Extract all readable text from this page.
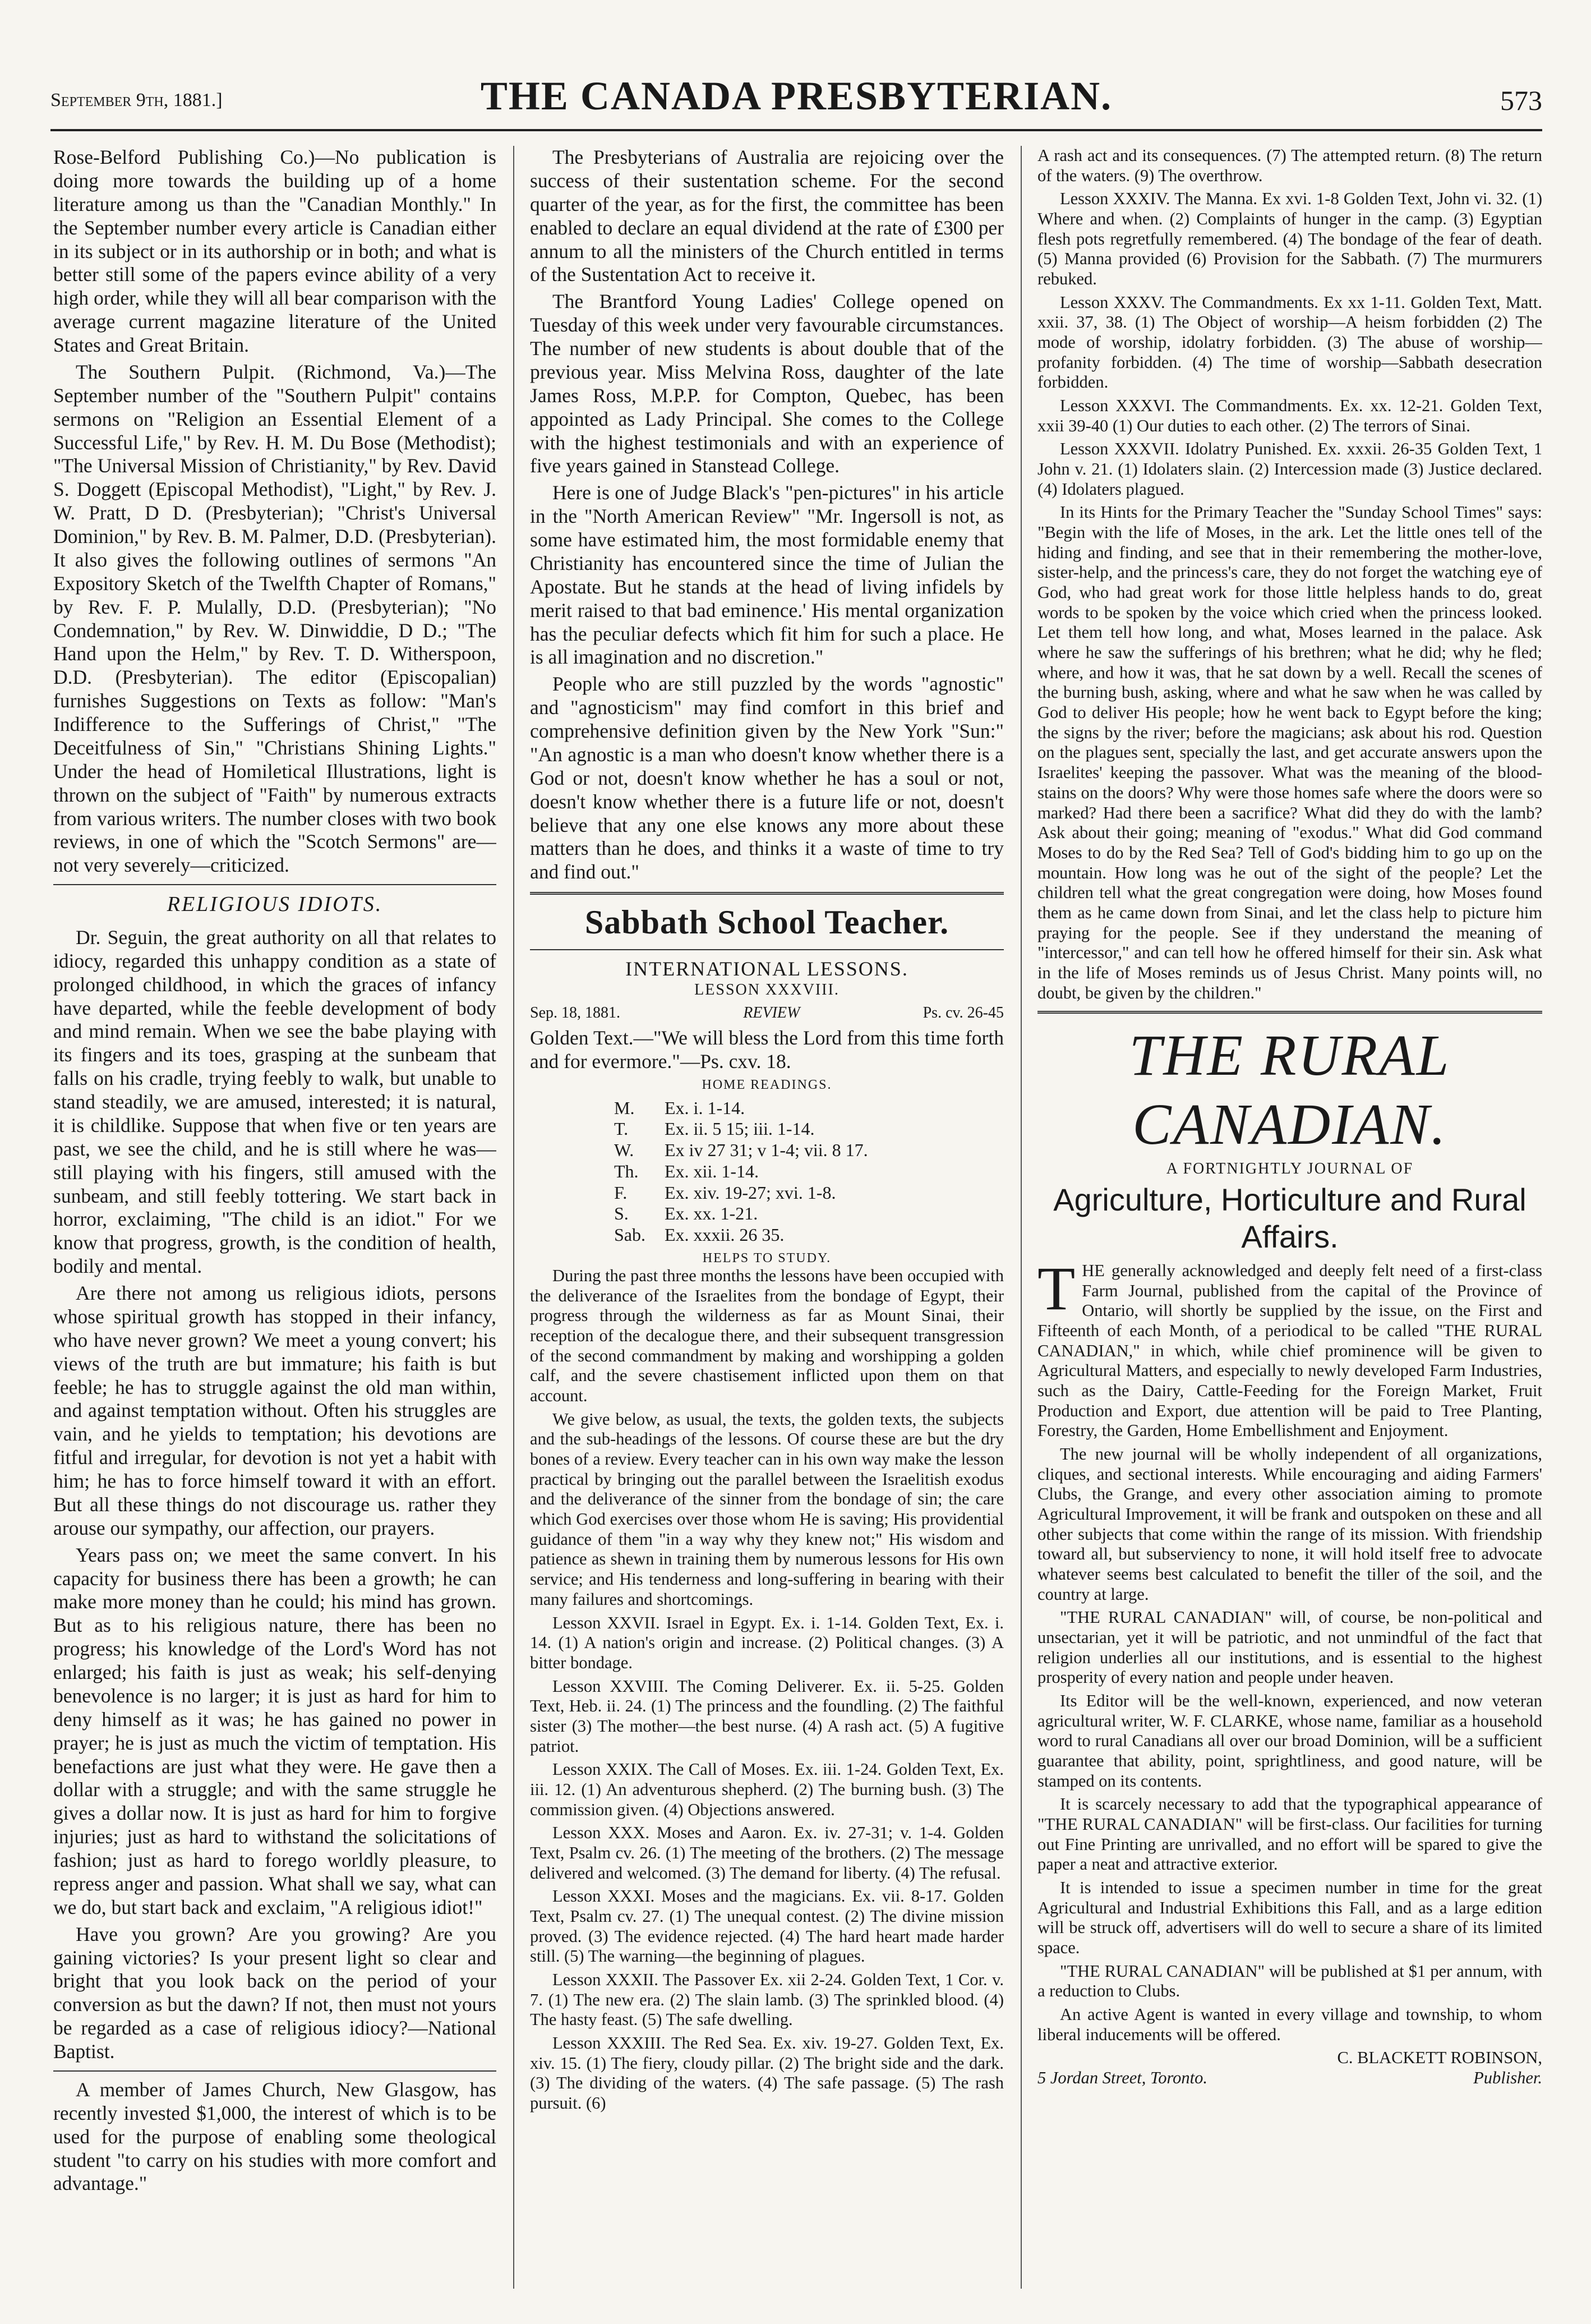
September 9th, 1881.]	THE CANADA PRESBYTERIAN.	573

Rose-Belford Publishing Co.)—No publication is doing more towards the building up of a home literature among us than the "Canadian Monthly." In the September number every article is Canadian either in its subject or in its authorship or in both; and what is better still some of the papers evince ability of a very high order, while they will all bear comparison with the average current magazine literature of the United States and Great Britain.

The Southern Pulpit. (Richmond, Va.)—The September number of the "Southern Pulpit" contains sermons on "Religion an Essential Element of a Successful Life," by Rev. H. M. Du Bose (Methodist); "The Universal Mission of Christianity," by Rev. David S. Doggett (Episcopal Methodist), "Light," by Rev. J. W. Pratt, D D. (Presbyterian); "Christ's Universal Dominion," by Rev. B. M. Palmer, D.D. (Presbyterian). It also gives the following outlines of sermons "An Expository Sketch of the Twelfth Chapter of Romans," by Rev. F. P. Mulally, D.D. (Presbyterian); "No Condemnation," by Rev. W. Dinwiddie, D D.; "The Hand upon the Helm," by Rev. T. D. Witherspoon, D.D. (Presbyterian). The editor (Episcopalian) furnishes Suggestions on Texts as follow: "Man's Indifference to the Sufferings of Christ," "The Deceitfulness of Sin," "Christians Shining Lights." Under the head of Homiletical Illustrations, light is thrown on the subject of "Faith" by numerous extracts from various writers. The number closes with two book reviews, in one of which the "Scotch Sermons" are—not very severely—criticized.

RELIGIOUS IDIOTS.

Dr. Seguin, the great authority on all that relates to idiocy, regarded this unhappy condition as a state of prolonged childhood, in which the graces of infancy have departed, while the feeble development of body and mind remain. When we see the babe playing with its fingers and its toes, grasping at the sunbeam that falls on his cradle, trying feebly to walk, but unable to stand steadily, we are amused, interested; it is natural, it is childlike. Suppose that when five or ten years are past, we see the child, and he is still where he was—still playing with his fingers, still amused with the sunbeam, and still feebly tottering. We start back in horror, exclaiming, "The child is an idiot." For we know that progress, growth, is the condition of health, bodily and mental.

Are there not among us religious idiots, persons whose spiritual growth has stopped in their infancy, who have never grown? We meet a young convert; his views of the truth are but immature; his faith is but feeble; he has to struggle against the old man within, and against temptation without. Often his struggles are vain, and he yields to temptation; his devotions are fitful and irregular, for devotion is not yet a habit with him; he has to force himself toward it with an effort. But all these things do not discourage us. rather they arouse our sympathy, our affection, our prayers.

Years pass on; we meet the same convert. In his capacity for business there has been a growth; he can make more money than he could; his mind has grown. But as to his religious nature, there has been no progress; his knowledge of the Lord's Word has not enlarged; his faith is just as weak; his self-denying benevolence is no larger; it is just as hard for him to deny himself as it was; he has gained no power in prayer; he is just as much the victim of temptation. His benefactions are just what they were. He gave then a dollar with a struggle; and with the same struggle he gives a dollar now. It is just as hard for him to forgive injuries; just as hard to withstand the solicitations of fashion; just as hard to forego worldly pleasure, to repress anger and passion. What shall we say, what can we do, but start back and exclaim, "A religious idiot!"

Have you grown? Are you growing? Are you gaining victories? Is your present light so clear and bright that you look back on the period of your conversion as but the dawn? If not, then must not yours be regarded as a case of religious idiocy?—National Baptist.

A member of James Church, New Glasgow, has recently invested $1,000, the interest of which is to be used for the purpose of enabling some theological student "to carry on his studies with more comfort and advantage."

The Presbyterians of Australia are rejoicing over the success of their sustentation scheme. For the second quarter of the year, as for the first, the committee has been enabled to declare an equal dividend at the rate of £300 per annum to all the ministers of the Church entitled in terms of the Sustentation Act to receive it.

The Brantford Young Ladies' College opened on Tuesday of this week under very favourable circumstances. The number of new students is about double that of the previous year. Miss Melvina Ross, daughter of the late James Ross, M.P.P. for Compton, Quebec, has been appointed as Lady Principal. She comes to the College with the highest testimonials and with an experience of five years gained in Stanstead College.

Here is one of Judge Black's "pen-pictures" in his article in the "North American Review" "Mr. Ingersoll is not, as some have estimated him, the most formidable enemy that Christianity has encountered since the time of Julian the Apostate. But he stands at the head of living infidels by merit raised to that bad eminence.' His mental organization has the peculiar defects which fit him for such a place. He is all imagination and no discretion."

People who are still puzzled by the words "agnostic" and "agnosticism" may find comfort in this brief and comprehensive definition given by the New York "Sun:" "An agnostic is a man who doesn't know whether there is a God or not, doesn't know whether he has a soul or not, doesn't know whether there is a future life or not, doesn't believe that any one else knows any more about these matters than he does, and thinks it a waste of time to try and find out."

Sabbath School Teacher.
INTERNATIONAL LESSONS.
LESSON XXXVIII.
Sep. 18, 1881.	REVIEW	Ps. cv. 26-45

Golden Text.—"We will bless the Lord from this time forth and for evermore."—Ps. cxv. 18.

HOME READINGS.
M.	Ex. i. 1-14.
T.	Ex. ii. 5 15; iii. 1-14.
W.	Ex iv 27 31; v 1-4; vii. 8 17.
Th.	Ex. xii. 1-14.
F.	Ex. xiv. 19-27; xvi. 1-8.
S.	Ex. xx. 1-21.
Sab.	Ex. xxxii. 26 35.
HELPS TO STUDY.

During the past three months the lessons have been occupied with the deliverance of the Israelites from the bondage of Egypt, their progress through the wilderness as far as Mount Sinai, their reception of the decalogue there, and their subsequent transgression of the second commandment by making and worshipping a golden calf, and the severe chastisement inflicted upon them on that account.

We give below, as usual, the texts, the golden texts, the subjects and the sub-headings of the lessons. Of course these are but the dry bones of a review. Every teacher can in his own way make the lesson practical by bringing out the parallel between the Israelitish exodus and the deliverance of the sinner from the bondage of sin; the care which God exercises over those whom He is saving; His providential guidance of them "in a way why they knew not;" His wisdom and patience as shewn in training them by numerous lessons for His own service; and His tenderness and long-suffering in bearing with their many failures and shortcomings.

Lesson XXVII. Israel in Egypt. Ex. i. 1-14. Golden Text, Ex. i. 14. (1) A nation's origin and increase. (2) Political changes. (3) A bitter bondage.

Lesson XXVIII. The Coming Deliverer. Ex. ii. 5-25. Golden Text, Heb. ii. 24. (1) The princess and the foundling. (2) The faithful sister (3) The mother—the best nurse. (4) A rash act. (5) A fugitive patriot.

Lesson XXIX. The Call of Moses. Ex. iii. 1-24. Golden Text, Ex. iii. 12. (1) An adventurous shepherd. (2) The burning bush. (3) The commission given. (4) Objections answered.

Lesson XXX. Moses and Aaron. Ex. iv. 27-31; v. 1-4. Golden Text, Psalm cv. 26. (1) The meeting of the brothers. (2) The message delivered and welcomed. (3) The demand for liberty. (4) The refusal.

Lesson XXXI. Moses and the magicians. Ex. vii. 8-17. Golden Text, Psalm cv. 27. (1) The unequal contest. (2) The divine mission proved. (3) The evidence rejected. (4) The hard heart made harder still. (5) The warning—the beginning of plagues.

Lesson XXXII. The Passover Ex. xii 2-24. Golden Text, 1 Cor. v. 7. (1) The new era. (2) The slain lamb. (3) The sprinkled blood. (4) The hasty feast. (5) The safe dwelling.

Lesson XXXIII. The Red Sea. Ex. xiv. 19-27. Golden Text, Ex. xiv. 15. (1) The fiery, cloudy pillar. (2) The bright side and the dark. (3) The dividing of the waters. (4) The safe passage. (5) The rash pursuit. (6)

A rash act and its consequences. (7) The attempted return. (8) The return of the waters. (9) The overthrow.

Lesson XXXIV. The Manna. Ex xvi. 1-8 Golden Text, John vi. 32. (1) Where and when. (2) Complaints of hunger in the camp. (3) Egyptian flesh pots regretfully remembered. (4) The bondage of the fear of death. (5) Manna provided (6) Provision for the Sabbath. (7) The murmurers rebuked.

Lesson XXXV. The Commandments. Ex xx 1-11. Golden Text, Matt. xxii. 37, 38. (1) The Object of worship—A heism forbidden (2) The mode of worship, idolatry forbidden. (3) The abuse of worship—profanity forbidden. (4) The time of worship—Sabbath desecration forbidden.

Lesson XXXVI. The Commandments. Ex. xx. 12-21. Golden Text, xxii 39-40 (1) Our duties to each other. (2) The terrors of Sinai.

Lesson XXXVII. Idolatry Punished. Ex. xxxii. 26-35 Golden Text, 1 John v. 21. (1) Idolaters slain. (2) Intercession made (3) Justice declared. (4) Idolaters plagued.

In its Hints for the Primary Teacher the "Sunday School Times" says: "Begin with the life of Moses, in the ark. Let the little ones tell of the hiding and finding, and see that in their remembering the mother-love, sister-help, and the princess's care, they do not forget the watching eye of God, who had great work for those little helpless hands to do, great words to be spoken by the voice which cried when the princess looked. Let them tell how long, and what, Moses learned in the palace. Ask where he saw the sufferings of his brethren; what he did; why he fled; where, and how it was, that he sat down by a well. Recall the scenes of the burning bush, asking, where and what he saw when he was called by God to deliver His people; how he went back to Egypt before the king; the signs by the river; before the magicians; ask about his rod. Question on the plagues sent, specially the last, and get accurate answers upon the Israelites' keeping the passover. What was the meaning of the blood-stains on the doors? Why were those homes safe where the doors were so marked? Had there been a sacrifice? What did they do with the lamb? Ask about their going; meaning of "exodus." What did God command Moses to do by the Red Sea? Tell of God's bidding him to go up on the mountain. How long was he out of the sight of the people? Let the children tell what the great congregation were doing, how Moses found them as he came down from Sinai, and let the class help to picture him praying for the people. See if they understand the meaning of "intercessor," and can tell how he offered himself for their sin. Ask what in the life of Moses reminds us of Jesus Christ. Many points will, no doubt, be given by the children."

THE RURAL CANADIAN.
A FORTNIGHTLY JOURNAL OF
Agriculture, Horticulture and Rural Affairs.

THE generally acknowledged and deeply felt need of a first-class Farm Journal, published from the capital of the Province of Ontario, will shortly be supplied by the issue, on the First and Fifteenth of each Month, of a periodical to be called "THE RURAL CANADIAN," in which, while chief prominence will be given to Agricultural Matters, and especially to newly developed Farm Industries, such as the Dairy, Cattle-Feeding for the Foreign Market, Fruit Production and Export, due attention will be paid to Tree Planting, Forestry, the Garden, Home Embellishment and Enjoyment.

The new journal will be wholly independent of all organizations, cliques, and sectional interests. While encouraging and aiding Farmers' Clubs, the Grange, and every other association aiming to promote Agricultural Improvement, it will be frank and outspoken on these and all other subjects that come within the range of its mission. With friendship toward all, but subserviency to none, it will hold itself free to advocate whatever seems best calculated to benefit the tiller of the soil, and the country at large.

"THE RURAL CANADIAN" will, of course, be non-political and unsectarian, yet it will be patriotic, and not unmindful of the fact that religion underlies all our institutions, and is essential to the highest prosperity of every nation and people under heaven.

Its Editor will be the well-known, experienced, and now veteran agricultural writer, W. F. CLARKE, whose name, familiar as a household word to rural Canadians all over our broad Dominion, will be a sufficient guarantee that ability, point, sprightliness, and good nature, will be stamped on its contents.

It is scarcely necessary to add that the typographical appearance of "THE RURAL CANADIAN" will be first-class. Our facilities for turning out Fine Printing are unrivalled, and no effort will be spared to give the paper a neat and attractive exterior.

It is intended to issue a specimen number in time for the great Agricultural and Industrial Exhibitions this Fall, and as a large edition will be struck off, advertisers will do well to secure a share of its limited space.

"THE RURAL CANADIAN" will be published at $1 per annum, with a reduction to Clubs.

An active Agent is wanted in every village and township, to whom liberal inducements will be offered.

C. BLACKETT ROBINSON,
5 Jordan Street, Toronto.	Publisher.
